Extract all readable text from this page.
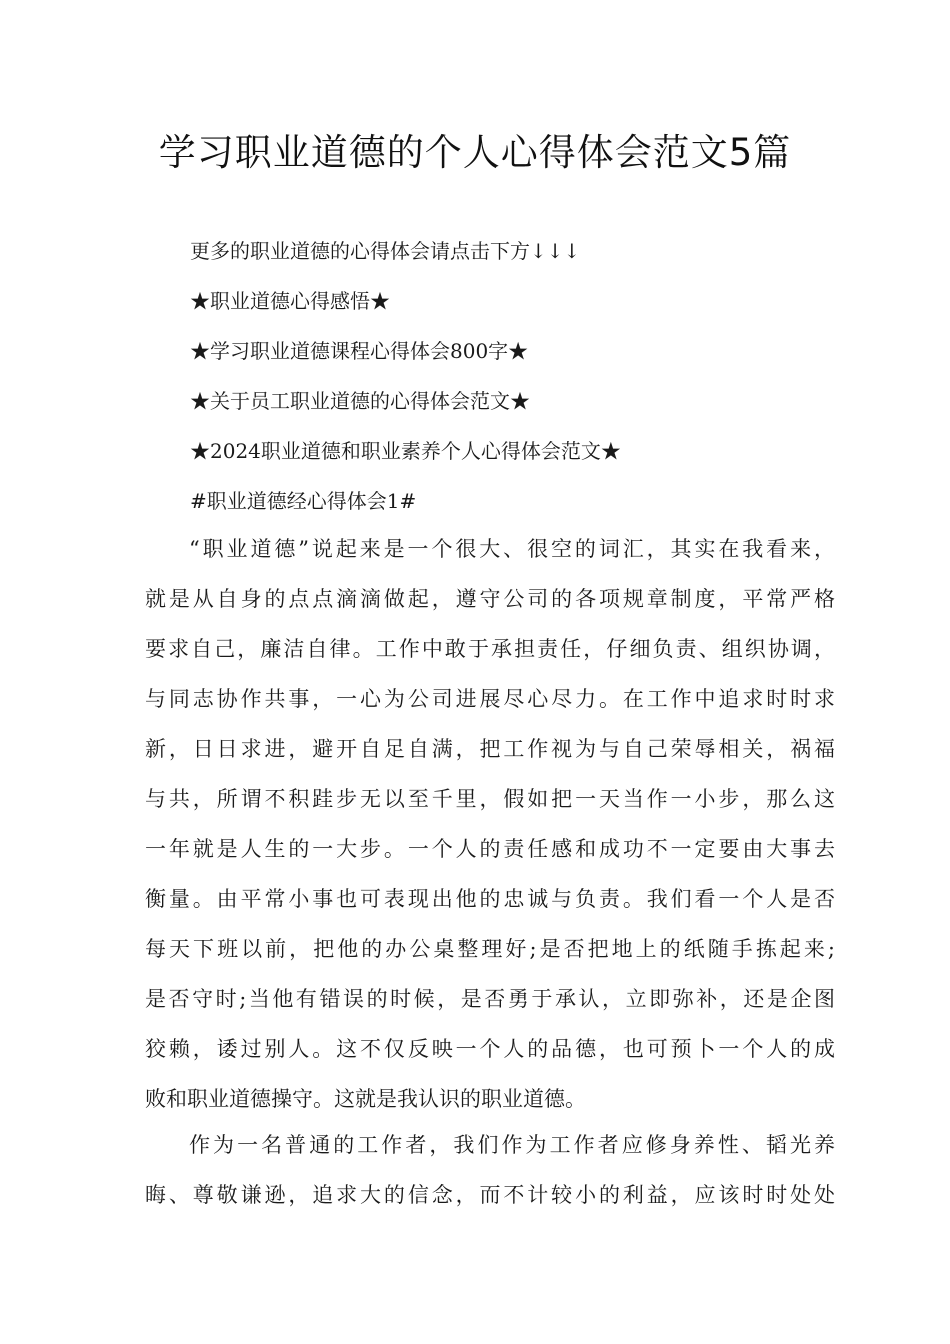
学习职业道德的个人心得体会范文5篇

更多的职业道德的心得体会请点击下方↓↓↓

★职业道德心得感悟★

★学习职业道德课程心得体会800字★

★关于员工职业道德的心得体会范文★

★2024职业道德和职业素养个人心得体会范文★

#职业道德经心得体会1#

“职业道德”说起来是一个很大、很空的词汇，其实在我看来，
就是从自身的点点滴滴做起，遵守公司的各项规章制度，平常严格
要求自己，廉洁自律。工作中敢于承担责任，仔细负责、组织协调，
与同志协作共事，一心为公司进展尽心尽力。在工作中追求时时求
新，日日求进，避开自足自满，把工作视为与自己荣辱相关，祸福
与共，所谓不积跬步无以至千里，假如把一天当作一小步，那么这
一年就是人生的一大步。一个人的责任感和成功不一定要由大事去
衡量。由平常小事也可表现出他的忠诚与负责。我们看一个人是否
每天下班以前，把他的办公桌整理好;是否把地上的纸随手拣起来;
是否守时;当他有错误的时候，是否勇于承认，立即弥补，还是企图
狡赖，诿过别人。这不仅反映一个人的品德，也可预卜一个人的成
败和职业道德操守。这就是我认识的职业道德。
作为一名普通的工作者，我们作为工作者应修身养性、韬光养
晦、尊敬谦逊，追求大的信念，而不计较小的利益，应该时时处处
